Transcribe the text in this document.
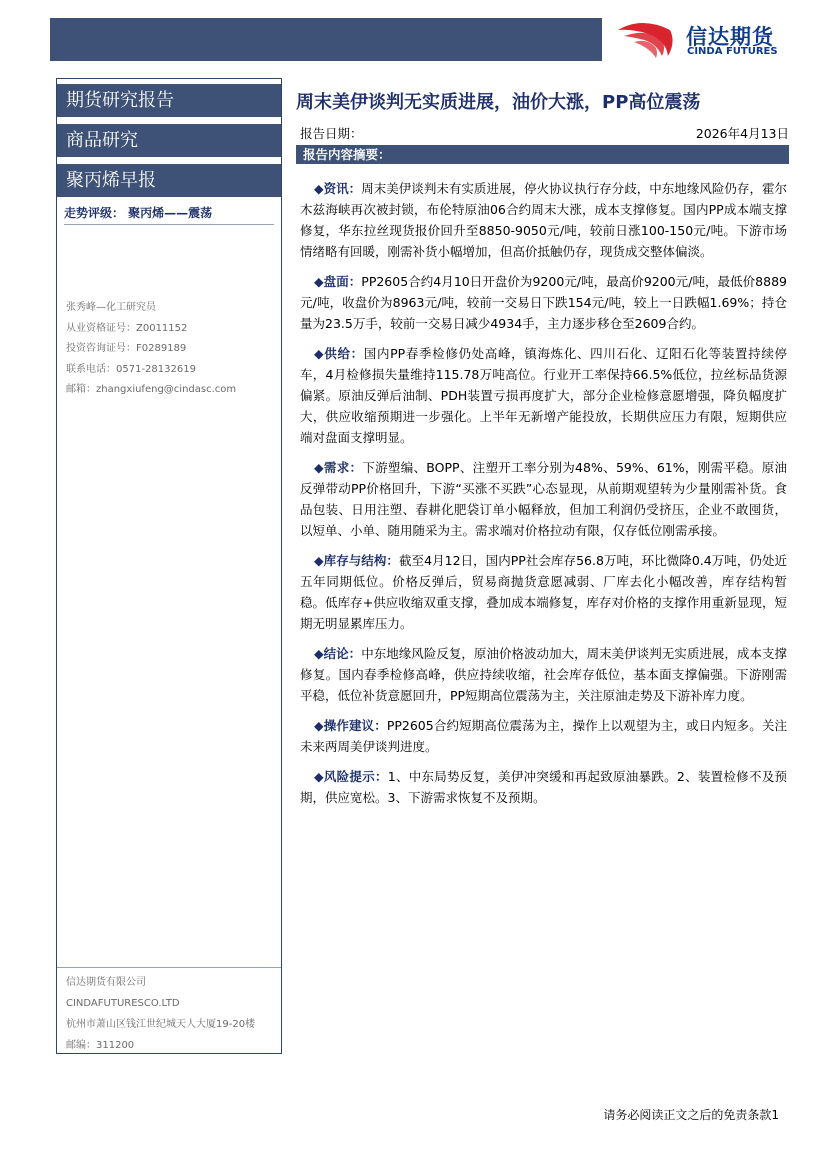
信达期货
CINDA FUTURES
期货研究报告
商品研究
聚丙烯早报
走势评级： 聚丙烯——震荡
张秀峰—化工研究员
从业资格证号：Z0011152
投资咨询证号：F0289189
联系电话：0571-28132619
邮箱：zhangxiufeng@cindasc.com
信达期货有限公司
CINDAFUTURESCO.LTD
杭州市萧山区钱江世纪城天人大厦19-20楼
邮编：311200
周末美伊谈判无实质进展，油价大涨，PP高位震荡
报告日期：	2026年4月13日
报告内容摘要：

◆资讯：周末美伊谈判未有实质进展，停火协议执行存分歧，中东地缘风险仍存，霍尔木兹海峡再次被封锁，布伦特原油06合约周末大涨，成本支撑修复。国内PP成本端支撑修复，华东拉丝现货报价回升至8850-9050元/吨，较前日涨100-150元/吨。下游市场情绪略有回暖，刚需补货小幅增加，但高价抵触仍存，现货成交整体偏淡。

◆盘面：PP2605合约4月10日开盘价为9200元/吨，最高价9200元/吨，最低价8889元/吨，收盘价为8963元/吨，较前一交易日下跌154元/吨，较上一日跌幅1.69%；持仓量为23.5万手，较前一交易日减少4934手，主力逐步移仓至2609合约。

◆供给：国内PP春季检修仍处高峰，镇海炼化、四川石化、辽阳石化等装置持续停车，4月检修损失量维持115.78万吨高位。行业开工率保持66.5%低位，拉丝标品货源偏紧。原油反弹后油制、PDH装置亏损再度扩大，部分企业检修意愿增强，降负幅度扩大，供应收缩预期进一步强化。上半年无新增产能投放，长期供应压力有限，短期供应端对盘面支撑明显。

◆需求：下游塑编、BOPP、注塑开工率分别为48%、59%、61%，刚需平稳。原油反弹带动PP价格回升，下游“买涨不买跌”心态显现，从前期观望转为少量刚需补货。食品包装、日用注塑、春耕化肥袋订单小幅释放，但加工利润仍受挤压，企业不敢囤货，以短单、小单、随用随采为主。需求端对价格拉动有限，仅存低位刚需承接。

◆库存与结构：截至4月12日，国内PP社会库存56.8万吨，环比微降0.4万吨，仍处近五年同期低位。价格反弹后，贸易商抛货意愿减弱、厂库去化小幅改善，库存结构暂稳。低库存+供应收缩双重支撑，叠加成本端修复，库存对价格的支撑作用重新显现，短期无明显累库压力。

◆结论：中东地缘风险反复，原油价格波动加大，周末美伊谈判无实质进展，成本支撑修复。国内春季检修高峰，供应持续收缩，社会库存低位，基本面支撑偏强。下游刚需平稳，低位补货意愿回升，PP短期高位震荡为主，关注原油走势及下游补库力度。

◆操作建议：PP2605合约短期高位震荡为主，操作上以观望为主，或日内短多。关注未来两周美伊谈判进度。

◆风险提示：1、中东局势反复，美伊冲突缓和再起致原油暴跌。2、装置检修不及预期，供应宽松。3、下游需求恢复不及预期。

请务必阅读正文之后的免责条款1
